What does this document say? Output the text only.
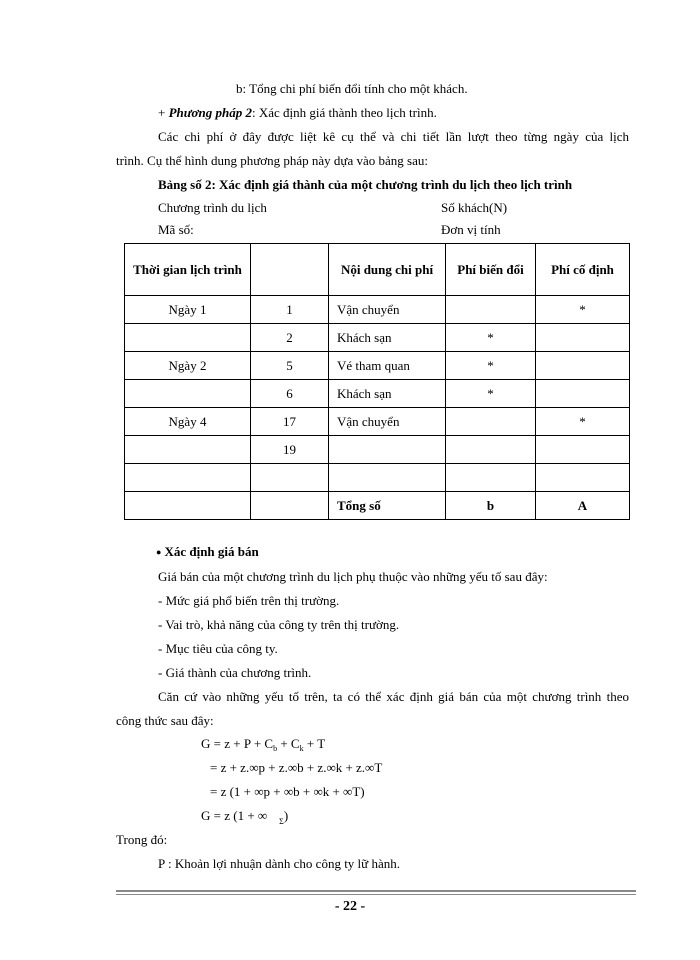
b: Tổng chi phí biến đổi tính cho một khách.
+ Phương pháp 2: Xác định giá thành theo lịch trình.
Các chi phí ở đây được liệt kê cụ thể và chi tiết lần lượt theo từng ngày của lịch
trình. Cụ thể hình dung phương pháp này dựa vào bảng sau:
Bảng số 2: Xác định giá thành của một chương trình du lịch theo lịch trình
Chương trình du lịch	Số khách(N)
Mã số:	Đơn vị tính
Thời gian lịch trình		Nội dung chi phí	Phí biến đổi	Phí cố định
Ngày 1	1	Vận chuyển		*
	2	Khách sạn	*	
Ngày 2	5	Vé tham quan	*	
	6	Khách sạn	*	
Ngày 4	17	Vận chuyển		*
	19			

		Tổng số	b	A
● Xác định giá bán
Giá bán của một chương trình du lịch phụ thuộc vào những yếu tố sau đây:
- Mức giá phổ biến trên thị trường.
- Vai trò, khả năng của công ty trên thị trường.
- Mục tiêu của công ty.
- Giá thành của chương trình.
Căn cứ vào những yếu tố trên, ta có thể xác định giá bán của một chương trình theo
công thức sau đây:
$G = z + P + C_b + C_k + T$
= z + z.∞p + z.∞b + z.∞k + z.∞T
= z (1 + ∞p + ∞b + ∞k + ∞T)
G = z (1 + ∞ $_\Sigma$)
Trong đó:
P : Khoản lợi nhuận dành cho công ty lữ hành.
- 22 -
